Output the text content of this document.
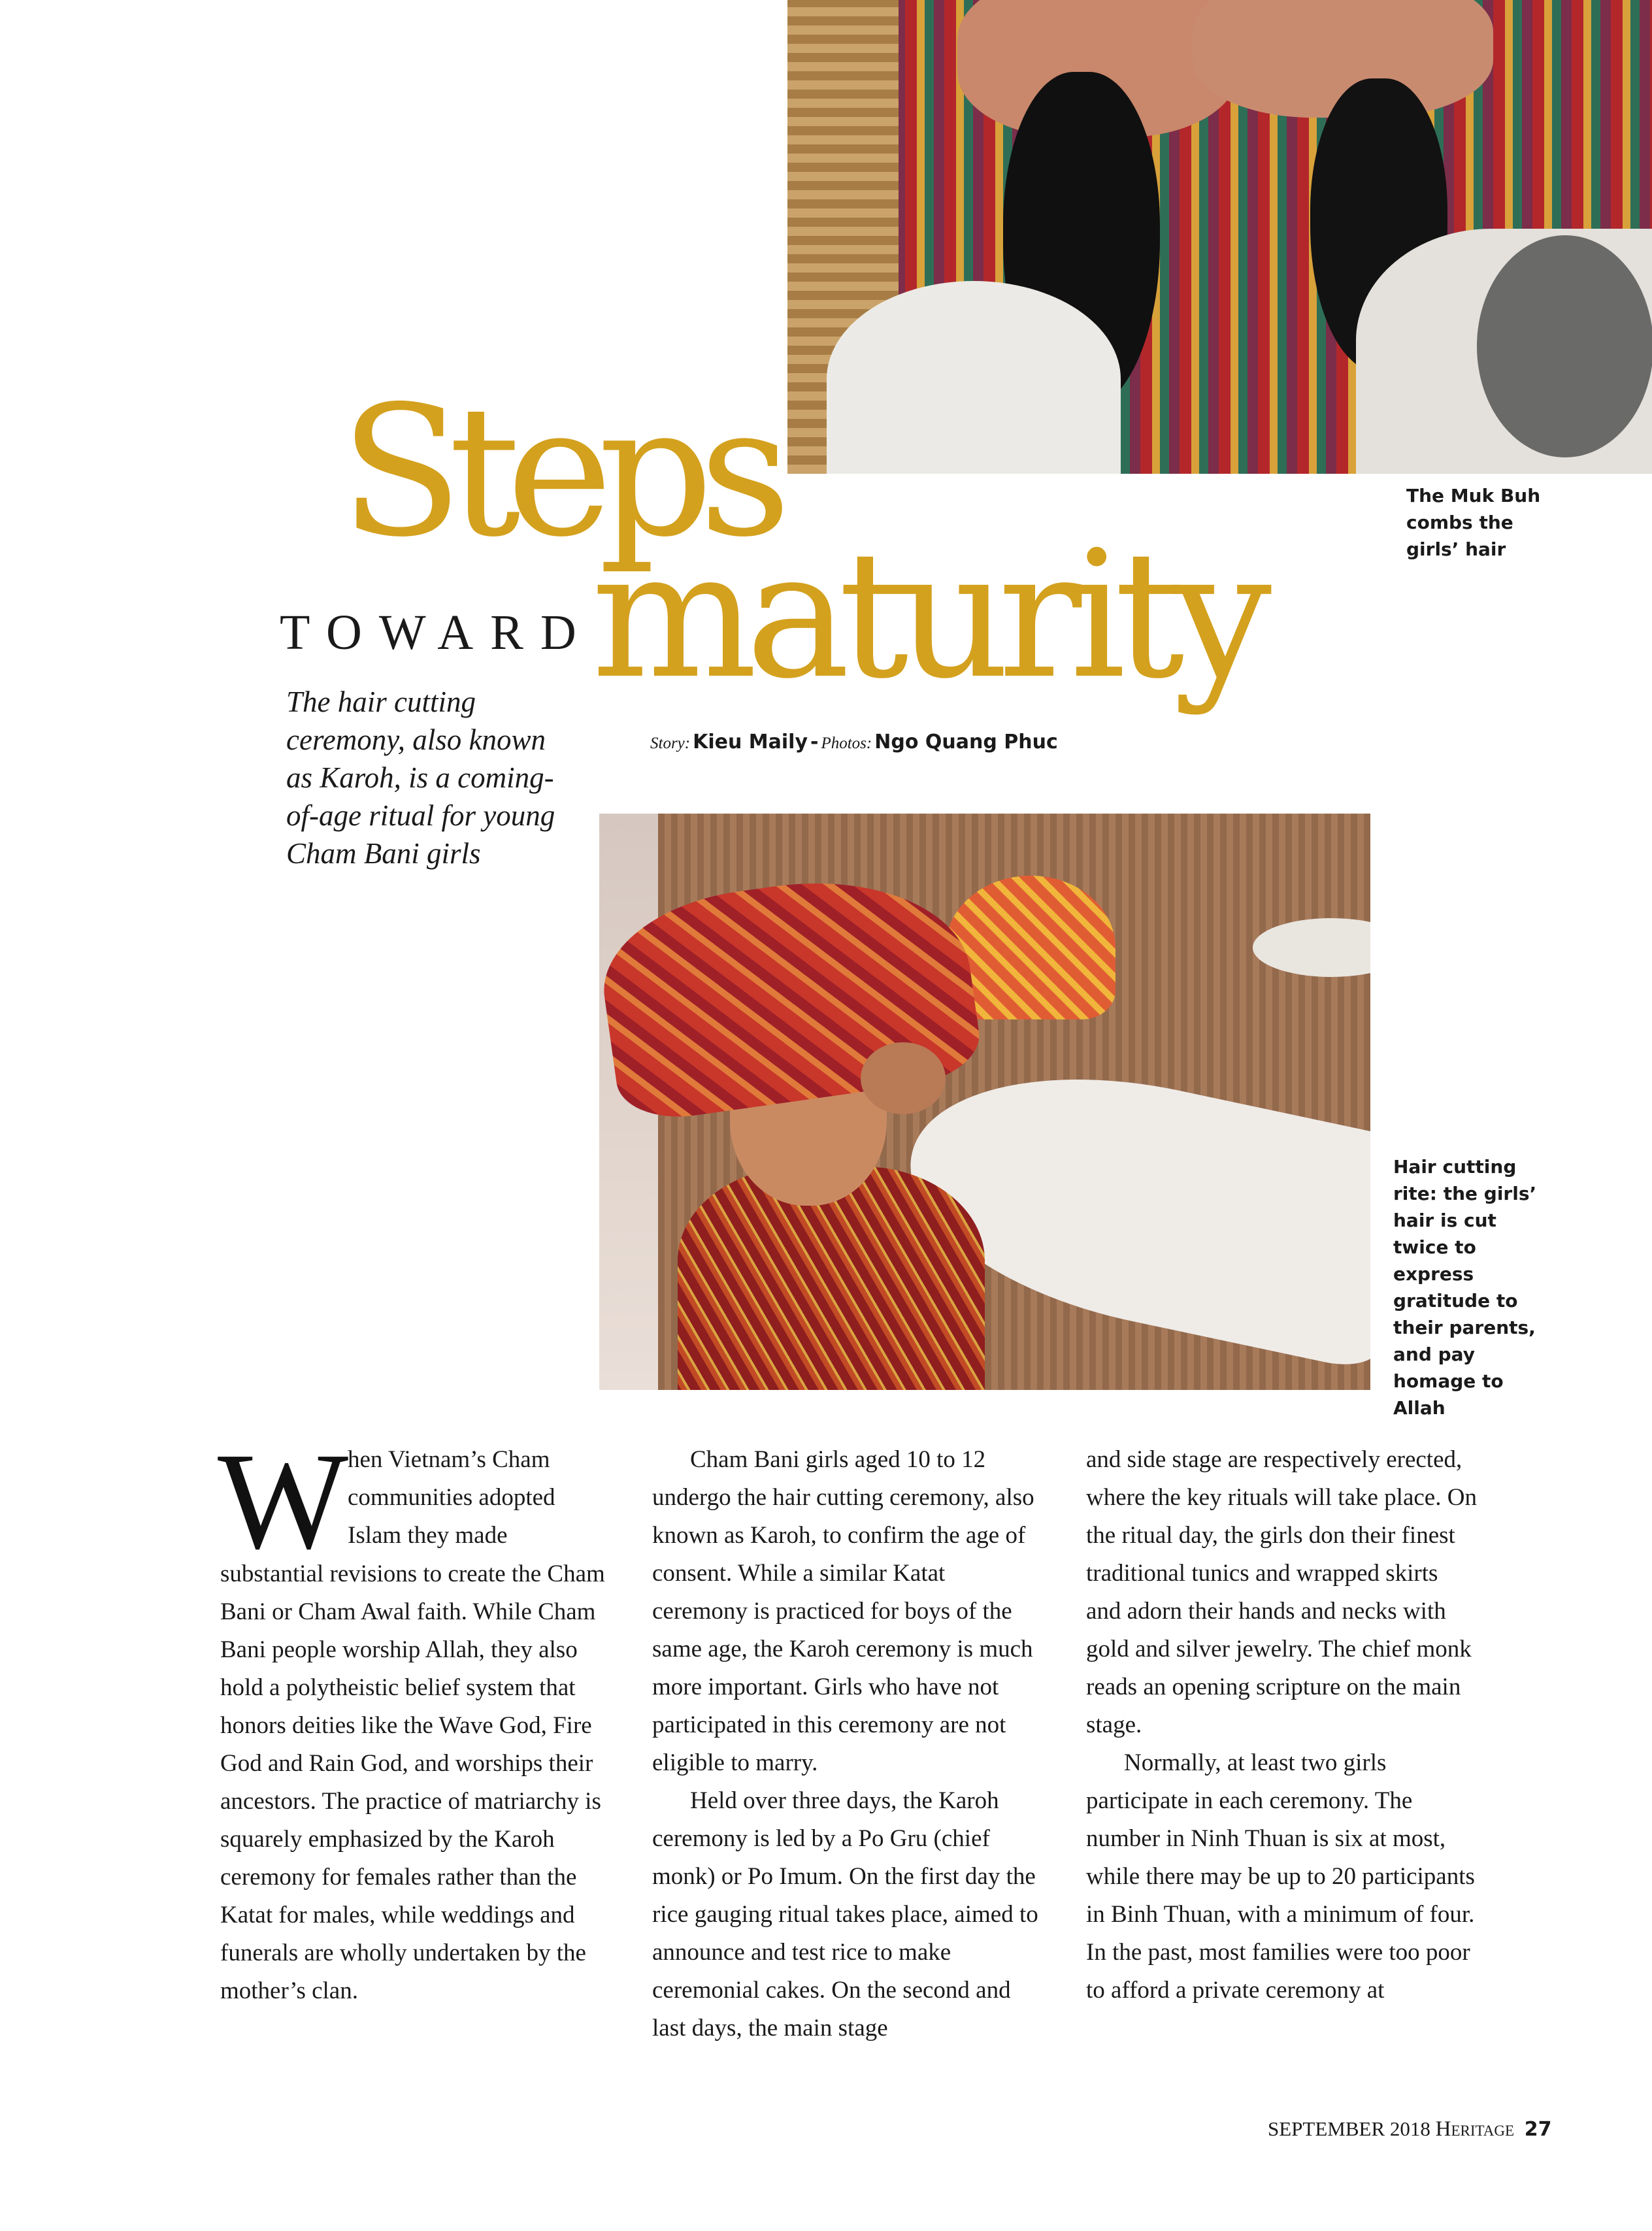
The Muk Buh combs the girls’ hair
Steps
maturity
TOWARD
The hair cutting ceremony, also known as Karoh, is a coming-of-age ritual for young Cham Bani girls
Story: Kieu Maily - Photos: Ngo Quang Phuc
Hair cutting rite: the girls’ hair is cut twice to express gratitude to their parents, and pay homage to Allah
W
hen Vietnam’s Cham communities adopted Islam they made

substantial revisions to create the Cham Bani or Cham Awal faith. While Cham Bani people worship Allah, they also hold a polytheistic belief system that honors deities like the Wave God, Fire God and Rain God, and worships their ancestors. The practice of matriarchy is squarely emphasized by the Karoh ceremony for females rather than the Katat for males, while weddings and funerals are wholly undertaken by the mother’s clan.

Cham Bani girls aged 10 to 12 undergo the hair cutting ceremony, also known as Karoh, to confirm the age of consent. While a similar Katat ceremony is practiced for boys of the same age, the Karoh ceremony is much more important. Girls who have not participated in this ceremony are not eligible to marry.

Held over three days, the Karoh ceremony is led by a Po Gru (chief monk) or Po Imum. On the first day the rice gauging ritual takes place, aimed to announce and test rice to make ceremonial cakes. On the second and last days, the main stage

and side stage are respectively erected, where the key rituals will take place. On the ritual day, the girls don their finest traditional tunics and wrapped skirts and adorn their hands and necks with gold and silver jewelry. The chief monk reads an opening scripture on the main stage.

Normally, at least two girls participate in each ceremony. The number in Ninh Thuan is six at most, while there may be up to 20 participants in Binh Thuan, with a minimum of four. In the past, most families were too poor to afford a private ceremony at

SEPTEMBER 2018 Heritage 27
